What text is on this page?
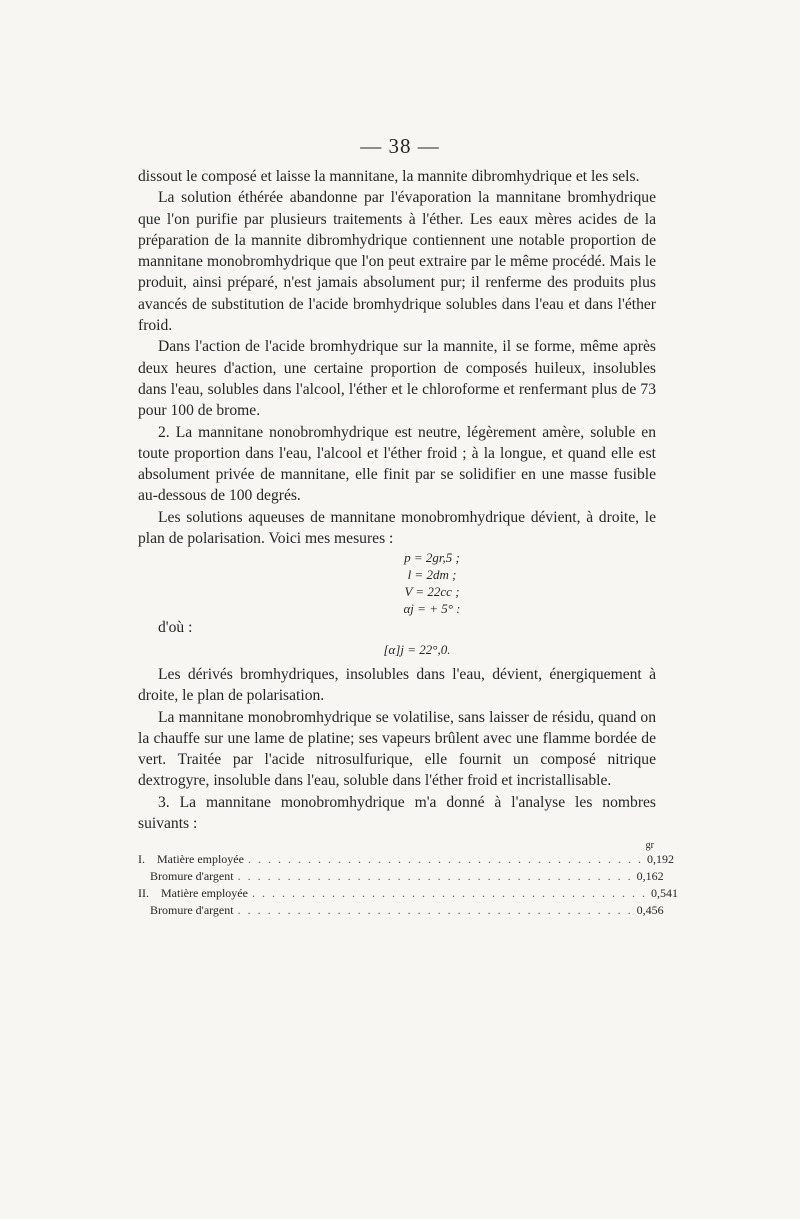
— 38 —

dissout le composé et laisse la mannitane, la mannite dibromhydrique et les sels.

La solution éthérée abandonne par l'évaporation la mannitane bromhydrique que l'on purifie par plusieurs traitements à l'éther. Les eaux mères acides de la préparation de la mannite dibromhydrique contiennent une notable proportion de mannitane monobromhydrique que l'on peut extraire par le même procédé. Mais le produit, ainsi préparé, n'est jamais absolument pur; il renferme des produits plus avancés de substitution de l'acide bromhydrique solubles dans l'eau et dans l'éther froid.

Dans l'action de l'acide bromhydrique sur la mannite, il se forme, même après deux heures d'action, une certaine proportion de composés huileux, insolubles dans l'eau, solubles dans l'alcool, l'éther et le chloroforme et renfermant plus de 73 pour 100 de brome.

2. La mannitane nonobromhydrique est neutre, légèrement amère, soluble en toute proportion dans l'eau, l'alcool et l'éther froid ; à la longue, et quand elle est absolument privée de mannitane, elle finit par se solidifier en une masse fusible au-dessous de 100 degrés.

Les solutions aqueuses de mannitane monobromhydrique dévient, à droite, le plan de polarisation. Voici mes mesures :

p = 2gr,5 ;
l = 2dm ;
V = 22cc ;
αj = + 5° :

d'où :

[α]j = 22°,0.

Les dérivés bromhydriques, insolubles dans l'eau, dévient, énergiquement à droite, le plan de polarisation.

La mannitane monobromhydrique se volatilise, sans laisser de résidu, quand on la chauffe sur une lame de platine; ses vapeurs brûlent avec une flamme bordée de vert. Traitée par l'acide nitrosulfurique, elle fournit un composé nitrique dextrogyre, insoluble dans l'eau, soluble dans l'éther froid et incristallisable.

3. La mannitane monobromhydrique m'a donné à l'analyse les nombres suivants :

gr
I.	Matière employée . . . . . . . . . . . . . . . . . . . . . . . . . . . . . . . . . . . . . . . . 0,192
Bromure d'argent . . . . . . . . . . . . . . . . . . . . . . . . . . . . . . . . . . . . . . . . 0,162
II.	Matière employée . . . . . . . . . . . . . . . . . . . . . . . . . . . . . . . . . . . . . . . . 0,541
Bromure d'argent . . . . . . . . . . . . . . . . . . . . . . . . . . . . . . . . . . . . . . . . 0,456
